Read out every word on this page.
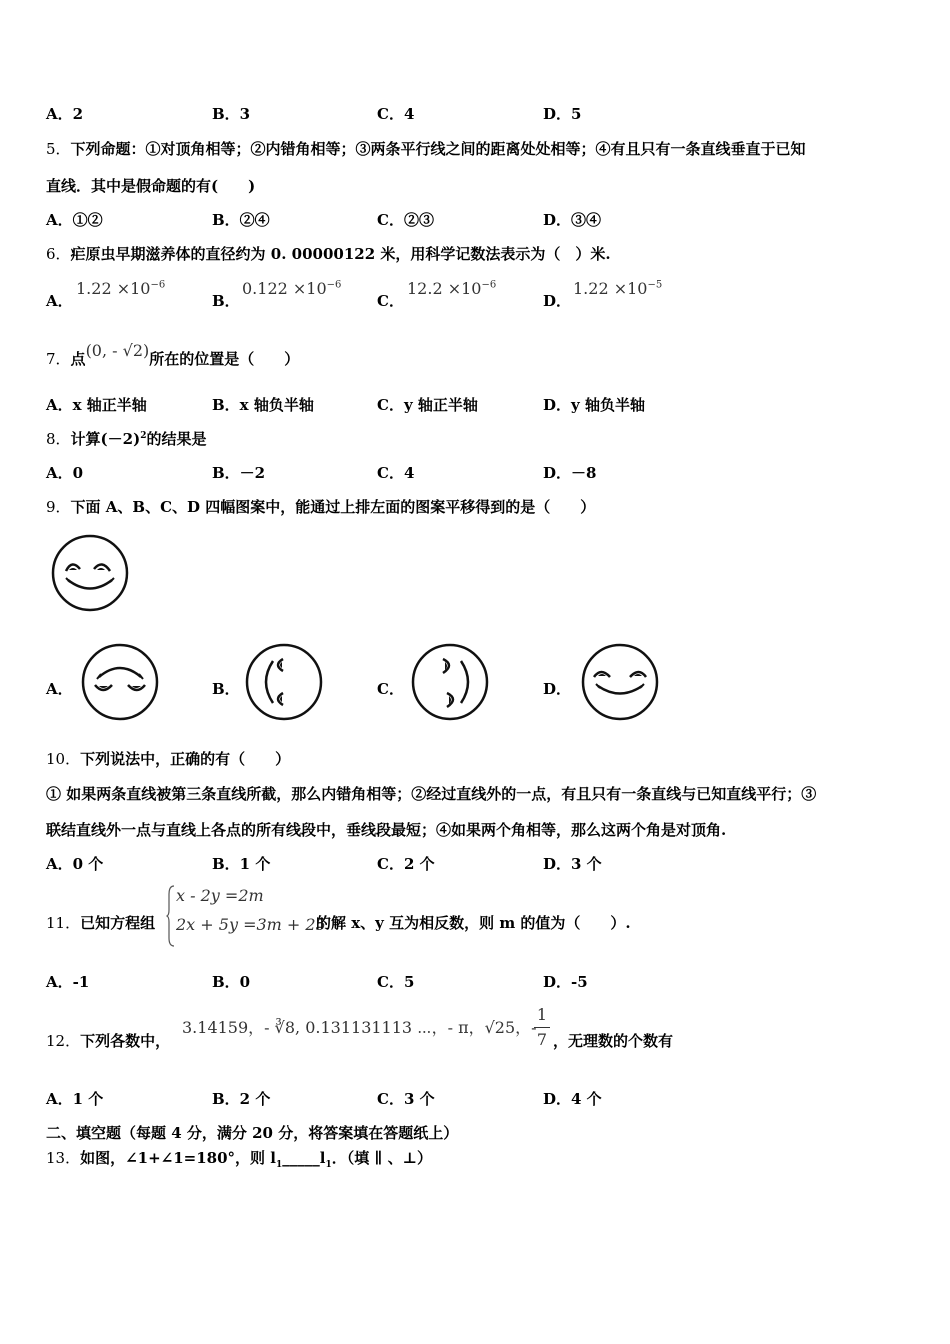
A．2	B．3	C．4	D．5
5．下列命题：①对顶角相等；②内错角相等；③两条平行线之间的距离处处相等；④有且只有一条直线垂直于已知
直线．其中是假命题的有(　　)
A．①②	B．②④	C．②③	D．③④
6．疟原虫早期滋养体的直径约为 0. 00000122 米，用科学记数法表示为（　）米.
A．
$1.22 \times 10^{-6}$
B．
$0.122 \times 10^{-6}$
C．
$12.2 \times 10^{-6}$
D．
$1.22 \times 10^{-5}$
7．点(0, - √2)所在的位置是（　　）
A．x 轴正半轴	B．x 轴负半轴	C．y 轴正半轴	D．y 轴负半轴
8．计算$(-2)^2$的结果是
A．0	B．－2	C．4	D．－8
9．下面 A、B、C、D 四幅图案中，能通过上排左面的图案平移得到的是（　　）
A．	B．	C．	D．
10．下列说法中，正确的有（　　）
① 如果两条直线被第三条直线所截，那么内错角相等；②经过直线外的一点，有且只有一条直线与已知直线平行；③
联结直线外一点与直线上各点的所有线段中，垂线段最短；④如果两个角相等，那么这两个角是对顶角.
A．0 个	B．1 个	C．2 个	D．3 个
11．已知方程组
x - 2y =2m
2x + 5y =3m + 25
的解 x、y 互为相反数，则 m 的值为（　　）.
A．-1	B．0	C．5	D．-5
12．下列各数中，
3.14159，- ∛8, 0.131131113 ⋯，- π，√25，-
1
7 ，无理数的个数有
A．1 个	B．2 个	C．3 个	D．4 个
二、填空题（每题 4 分，满分 20 分，将答案填在答题纸上）
13．如图，∠1+∠1=180°，则 $l_1\_\_\_\_\_l_1$．（填 ∥ 、⊥）
